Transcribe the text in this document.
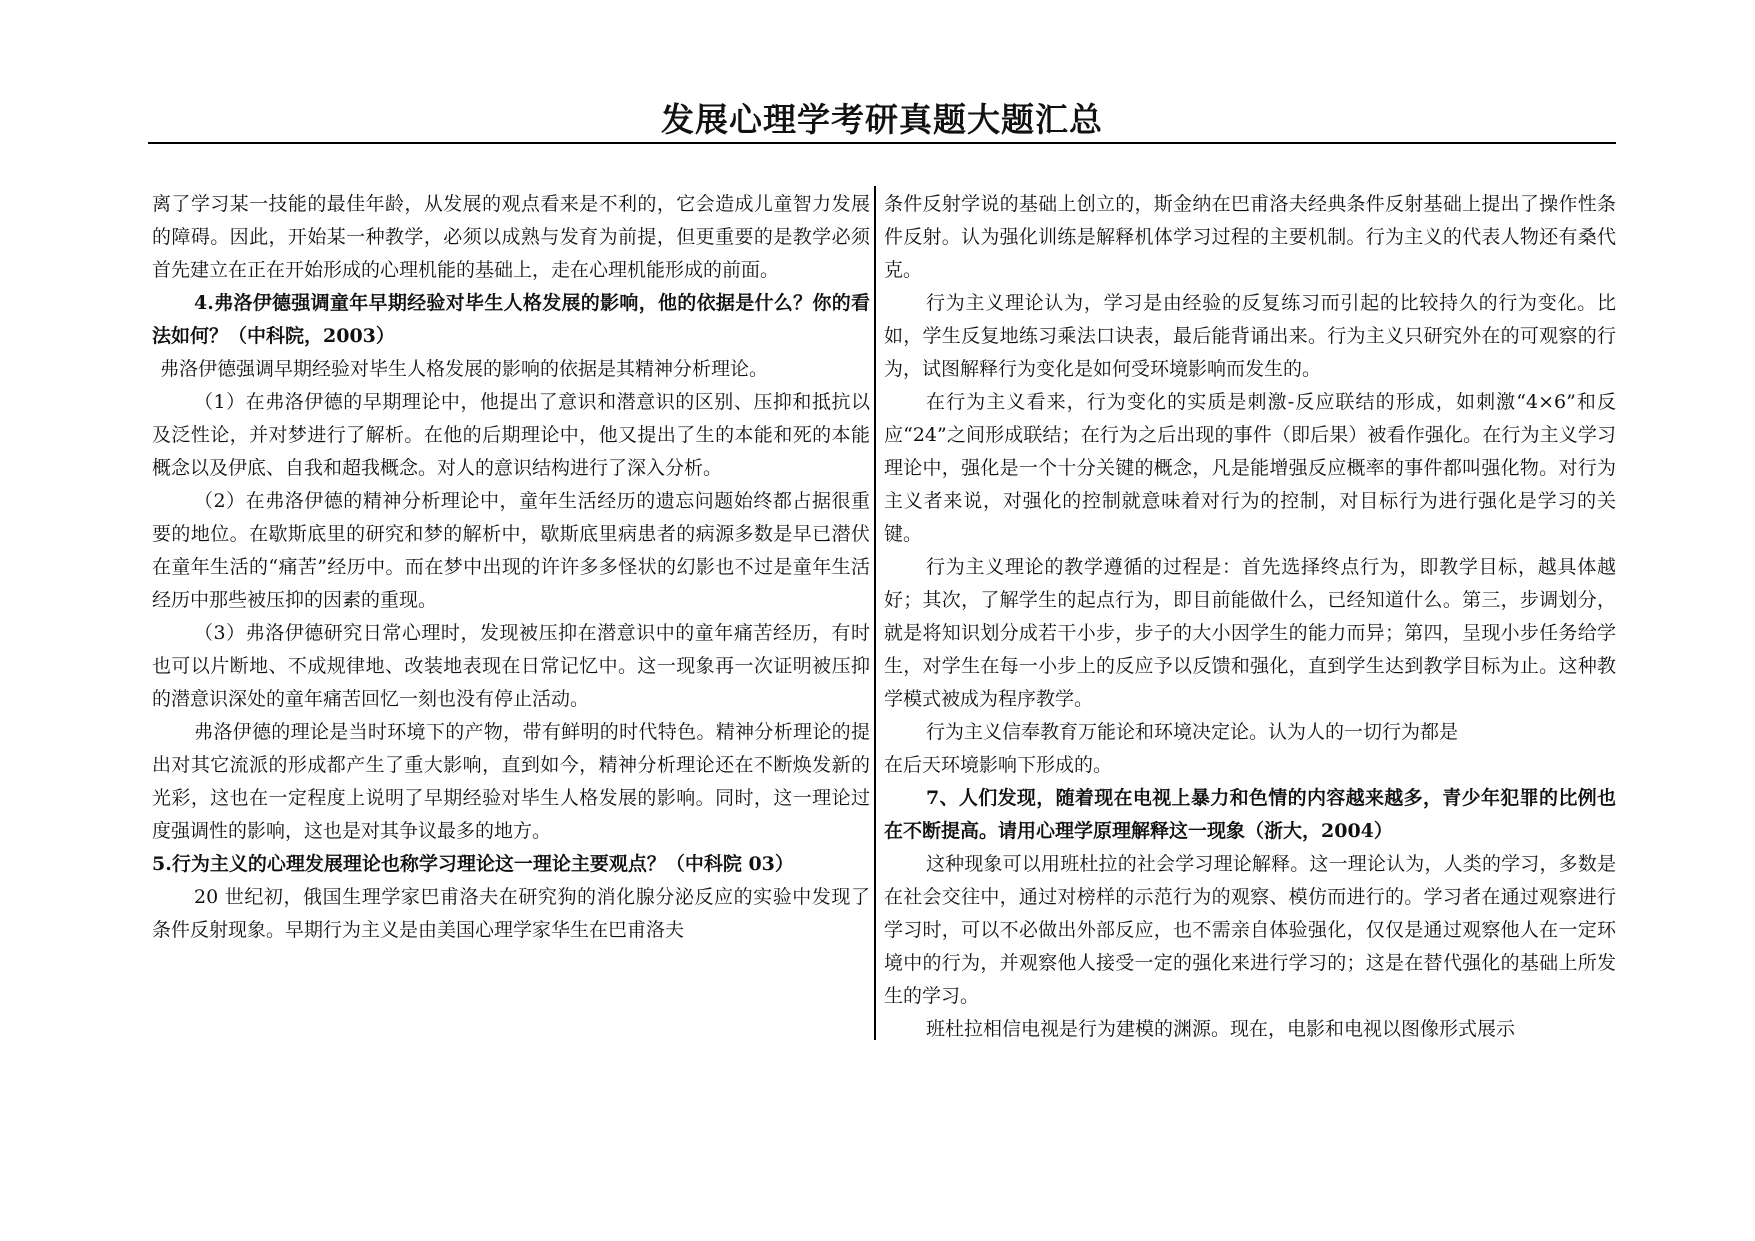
发展心理学考研真题大题汇总

离了学习某一技能的最佳年龄，从发展的观点看来是不利的，它会造成儿童智力发展的障碍。因此，开始某一种教学，必须以成熟与发育为前提，但更重要的是教学必须首先建立在正在开始形成的心理机能的基础上，走在心理机能形成的前面。

4.弗洛伊德强调童年早期经验对毕生人格发展的影响，他的依据是什么？你的看法如何？（中科院，2003）

弗洛伊德强调早期经验对毕生人格发展的影响的依据是其精神分析理论。

（1）在弗洛伊德的早期理论中，他提出了意识和潜意识的区别、压抑和抵抗以及泛性论，并对梦进行了解析。在他的后期理论中，他又提出了生的本能和死的本能概念以及伊底、自我和超我概念。对人的意识结构进行了深入分析。

（2）在弗洛伊德的精神分析理论中，童年生活经历的遗忘问题始终都占据很重要的地位。在歇斯底里的研究和梦的解析中，歇斯底里病患者的病源多数是早已潜伏在童年生活的“痛苦”经历中。而在梦中出现的许许多多怪状的幻影也不过是童年生活经历中那些被压抑的因素的重现。

（3）弗洛伊德研究日常心理时，发现被压抑在潜意识中的童年痛苦经历，有时也可以片断地、不成规律地、改装地表现在日常记忆中。这一现象再一次证明被压抑的潜意识深处的童年痛苦回忆一刻也没有停止活动。

弗洛伊德的理论是当时环境下的产物，带有鲜明的时代特色。精神分析理论的提出对其它流派的形成都产生了重大影响，直到如今，精神分析理论还在不断焕发新的光彩，这也在一定程度上说明了早期经验对毕生人格发展的影响。同时，这一理论过度强调性的影响，这也是对其争议最多的地方。

5.行为主义的心理发展理论也称学习理论这一理论主要观点？（中科院 03）

20 世纪初，俄国生理学家巴甫洛夫在研究狗的消化腺分泌反应的实验中发现了条件反射现象。早期行为主义是由美国心理学家华生在巴甫洛夫

条件反射学说的基础上创立的，斯金纳在巴甫洛夫经典条件反射基础上提出了操作性条件反射。认为强化训练是解释机体学习过程的主要机制。行为主义的代表人物还有桑代克。

行为主义理论认为，学习是由经验的反复练习而引起的比较持久的行为变化。比如，学生反复地练习乘法口诀表，最后能背诵出来。行为主义只研究外在的可观察的行为，试图解释行为变化是如何受环境影响而发生的。

在行为主义看来，行为变化的实质是刺激-反应联结的形成，如刺激“4×6”和反应“24”之间形成联结；在行为之后出现的事件（即后果）被看作强化。在行为主义学习理论中，强化是一个十分关键的概念，凡是能增强反应概率的事件都叫强化物。对行为主义者来说，对强化的控制就意味着对行为的控制，对目标行为进行强化是学习的关键。

行为主义理论的教学遵循的过程是：首先选择终点行为，即教学目标，越具体越好；其次，了解学生的起点行为，即目前能做什么，已经知道什么。第三，步调划分，就是将知识划分成若干小步，步子的大小因学生的能力而异；第四，呈现小步任务给学生，对学生在每一小步上的反应予以反馈和强化，直到学生达到教学目标为止。这种教学模式被成为程序教学。

行为主义信奉教育万能论和环境决定论。认为人的一切行为都是

在后天环境影响下形成的。

7、人们发现，随着现在电视上暴力和色情的内容越来越多，青少年犯罪的比例也在不断提高。请用心理学原理解释这一现象（浙大，2004）

这种现象可以用班杜拉的社会学习理论解释。这一理论认为，人类的学习，多数是在社会交往中，通过对榜样的示范行为的观察、模仿而进行的。学习者在通过观察进行学习时，可以不必做出外部反应，也不需亲自体验强化，仅仅是通过观察他人在一定环境中的行为，并观察他人接受一定的强化来进行学习的；这是在替代强化的基础上所发生的学习。

班杜拉相信电视是行为建模的渊源。现在，电影和电视以图像形式展示
